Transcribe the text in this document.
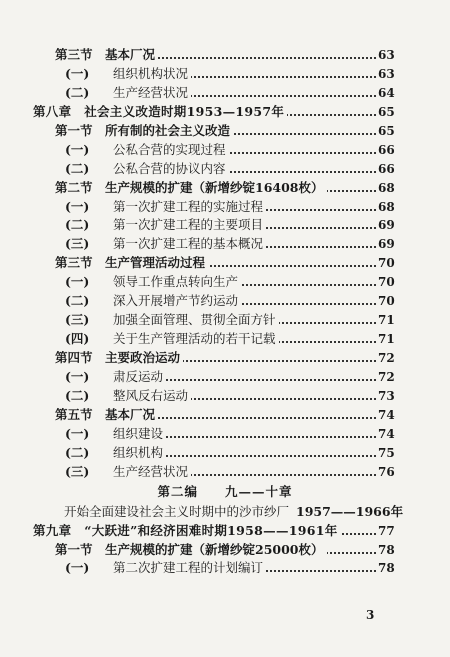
第三节　基本厂况	63
(一) 组织机构状况	63
(二) 生产经营状况	64
第八章　社会主义改造时期1953—1957年	65
第一节　所有制的社会主义改造	65
(一) 公私合营的实现过程	66
(二) 公私合营的协议内容	66
第二节　生产规模的扩建（新增纱锭16408枚）	68
(一) 第一次扩建工程的实施过程	68
(二) 第一次扩建工程的主要项目	69
(三) 第一次扩建工程的基本概况	69
第三节　生产管理活动过程	70
(一) 领导工作重点转向生产	70
(二) 深入开展增产节约运动	70
(三) 加强全面管理、贯彻全面方针	71
(四) 关于生产管理活动的若干记载	71
第四节　主要政治运动	72
(一) 肃反运动	72
(二) 整风反右运动	73
第五节　基本厂况	74
(一) 组织建设	74
(二) 组织机构	75
(三) 生产经营状况	76
第二编　　九——十章
开始全面建设社会主义时期中的沙市纱厂 1957——1966年
第九章　“大跃进”和经济困难时期1958——1961年	77
第一节　生产规模的扩建（新增纱锭25000枚）	78
(一) 第二次扩建工程的计划编订	78
3
